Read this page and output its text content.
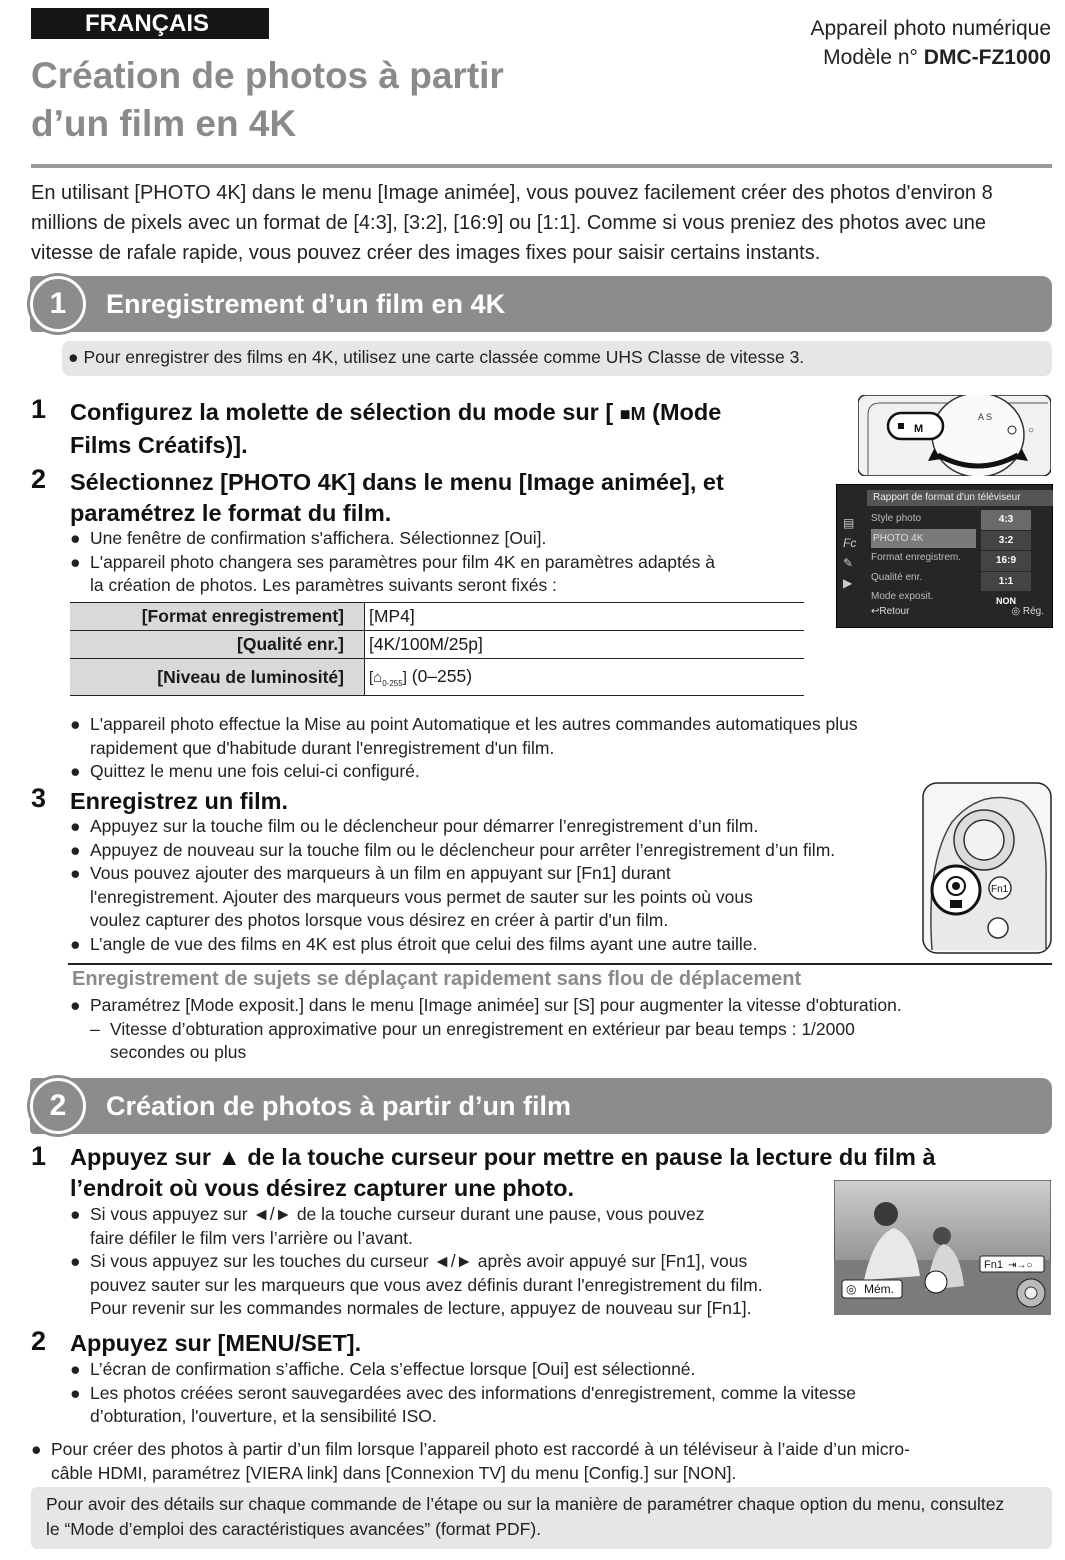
FRANÇAIS	Appareil photo numérique
Modèle n° DMC-FZ1000
Création de photos à partir
d’un film en 4K
En utilisant [PHOTO 4K] dans le menu [Image animée], vous pouvez facilement créer des photos d'environ 8 millions de pixels avec un format de [4:3], [3:2], [16:9] ou [1:1]. Comme si vous preniez des photos avec une vitesse de rafale rapide, vous pouvez créer des images fixes pour saisir certains instants.
1	Enregistrement d’un film en 4K
● Pour enregistrer des films en 4K, utilisez une carte classée comme UHS Classe de vitesse 3.
1 Configurez la molette de sélection du mode sur [ ■M (Mode
Films Créatifs)].
M
A S
○
2 Sélectionnez [PHOTO 4K] dans le menu [Image animée], et
paramétrez le format du film.
● Une fenêtre de confirmation s'affichera. Sélectionnez [Oui].
● L'appareil photo changera ses paramètres pour film 4K en paramètres adaptés à
la création de photos. Les paramètres suivants seront fixés :
Rapport de format d'un téléviseur
▤
Fc
✎
▶
Style photo
PHOTO 4K
Format enregistrem.
Qualité enr.
Mode exposit.
4:3
3:2
16:9
1:1
NON
↩Retour	◎ Rég.
[Format enregistrement]	[MP4]
[Qualité enr.]	[4K/100M/25p]
[Niveau de luminosité]	$[⌂_{0-255}]$ (0–255)
● L'appareil photo effectue la Mise au point Automatique et les autres commandes automatiques plus
rapidement que d'habitude durant l'enregistrement d'un film.
● Quittez le menu une fois celui-ci configuré.
3 Enregistrez un film.
● Appuyez sur la touche film ou le déclencheur pour démarrer l’enregistrement d’un film.
● Appuyez de nouveau sur la touche film ou le déclencheur pour arrêter l’enregistrement d’un film.
● Vous pouvez ajouter des marqueurs à un film en appuyant sur [Fn1] durant
l'enregistrement. Ajouter des marqueurs vous permet de sauter sur les points où vous
voulez capturer des photos lorsque vous désirez en créer à partir d'un film.
● L’angle de vue des films en 4K est plus étroit que celui des films ayant une autre taille.
Fn1
Enregistrement de sujets se déplaçant rapidement sans flou de déplacement
● Paramétrez [Mode exposit.] dans le menu [Image animée] sur [S] pour augmenter la vitesse d'obturation.
– Vitesse d’obturation approximative pour un enregistrement en extérieur par beau temps : 1/2000
secondes ou plus
2	Création de photos à partir d’un film
1 Appuyez sur ▲ de la touche curseur pour mettre en pause la lecture du film à
l’endroit où vous désirez capturer une photo.
● Si vous appuyez sur ◄/► de la touche curseur durant une pause, vous pouvez
faire défiler le film vers l’arrière ou l’avant.
● Si vous appuyez sur les touches du curseur ◄/► après avoir appuyé sur [Fn1], vous
pouvez sauter sur les marqueurs que vous avez définis durant l'enregistrement du film.
Pour revenir sur les commandes normales de lecture, appuyez de nouveau sur [Fn1].
◎ Mém.
Fn1 ⇥→○
2 Appuyez sur [MENU/SET].
● L’écran de confirmation s’affiche. Cela s’effectue lorsque [Oui] est sélectionné.
● Les photos créées seront sauvegardées avec des informations d'enregistrement, comme la vitesse
d’obturation, l'ouverture, et la sensibilité ISO.
● Pour créer des photos à partir d’un film lorsque l’appareil photo est raccordé à un téléviseur à l’aide d’un micro-
câble HDMI, paramétrez [VIERA link] dans [Connexion TV] du menu [Config.] sur [NON].
Pour avoir des détails sur chaque commande de l’étape ou sur la manière de paramétrer chaque option du menu, consultez le “Mode d’emploi des caractéristiques avancées” (format PDF).
